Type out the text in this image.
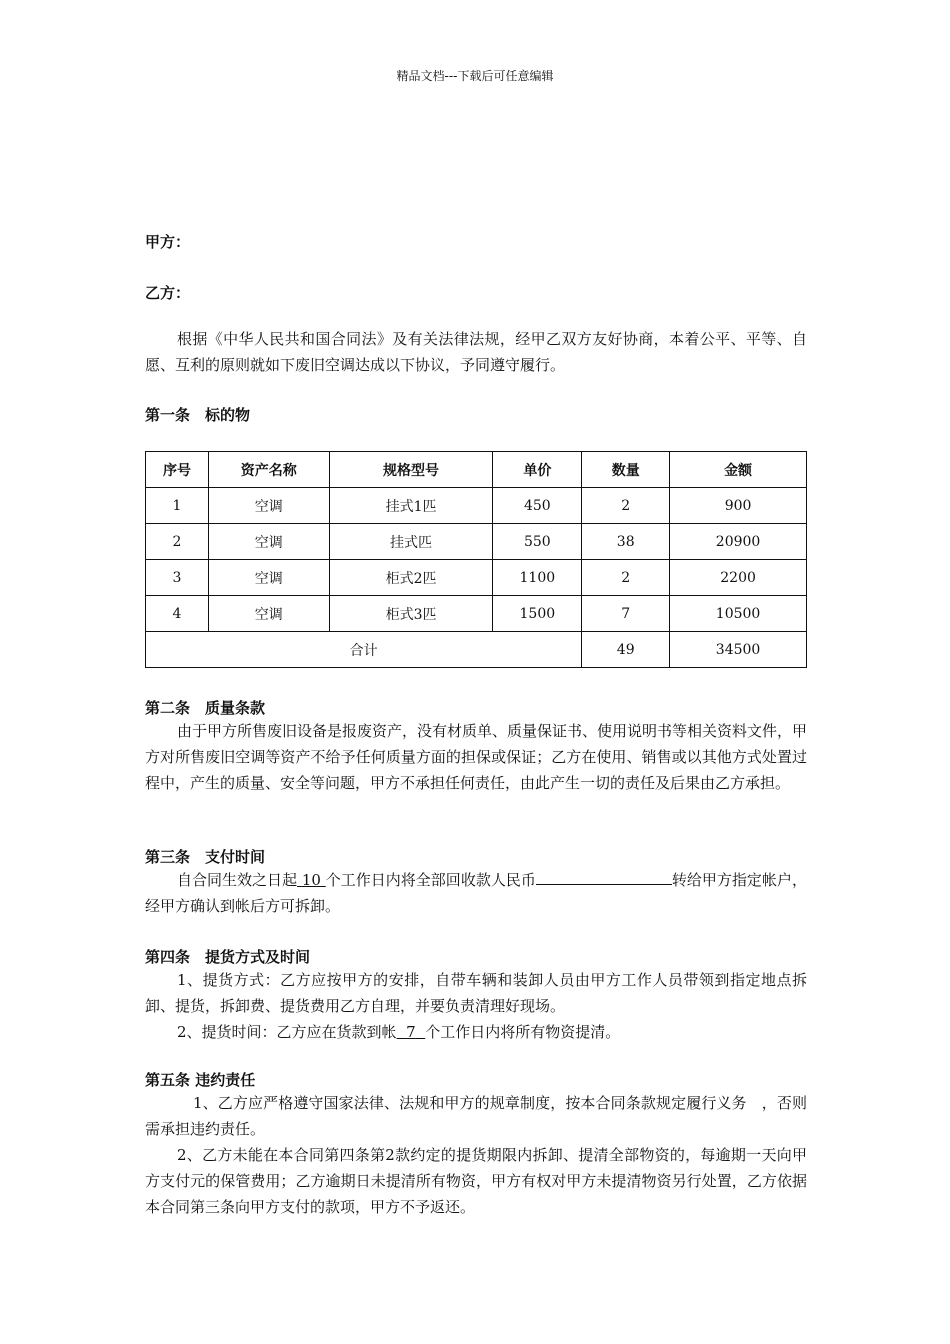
精品文档---下载后可任意编辑
甲方：
乙方：

根据《中华人民共和国合同法》及有关法律法规，经甲乙双方友好协商，本着公平、平等、自愿、互利的原则就如下废旧空调达成以下协议，予同遵守履行。

第一条　标的物
序号	资产名称	规格型号	单价	数量	金额
1	空调	挂式1匹	450	2	900
2	空调	挂式匹	550	38	20900
3	空调	柜式2匹	1100	2	2200
4	空调	柜式3匹	1500	7	10500
合计				49	34500
第二条　质量条款

由于甲方所售废旧设备是报废资产，没有材质单、质量保证书、使用说明书等相关资料文件，甲方对所售废旧空调等资产不给予任何质量方面的担保或保证；乙方在使用、销售或以其他方式处置过程中，产生的质量、安全等问题，甲方不承担任何责任，由此产生一切的责任及后果由乙方承担。

第三条　支付时间

自合同生效之日起 10 个工作日内将全部回收款人民币	转给甲方指定帐户，经甲方确认到帐后方可拆卸。

第四条　提货方式及时间

1、提货方式：乙方应按甲方的安排，自带车辆和装卸人员由甲方工作人员带领到指定地点拆卸、提货，拆卸费、提货费用乙方自理，并要负责清理好现场。

2、提货时间：乙方应在货款到帐 7 个工作日内将所有物资提清。

第五条 违约责任

1、乙方应严格遵守国家法律、法规和甲方的规章制度，按本合同条款规定履行义务　，否则需承担违约责任。

2、乙方未能在本合同第四条第2款约定的提货期限内拆卸、提清全部物资的，每逾期一天向甲方支付元的保管费用；乙方逾期日未提清所有物资，甲方有权对甲方未提清物资另行处置，乙方依据本合同第三条向甲方支付的款项，甲方不予返还。
